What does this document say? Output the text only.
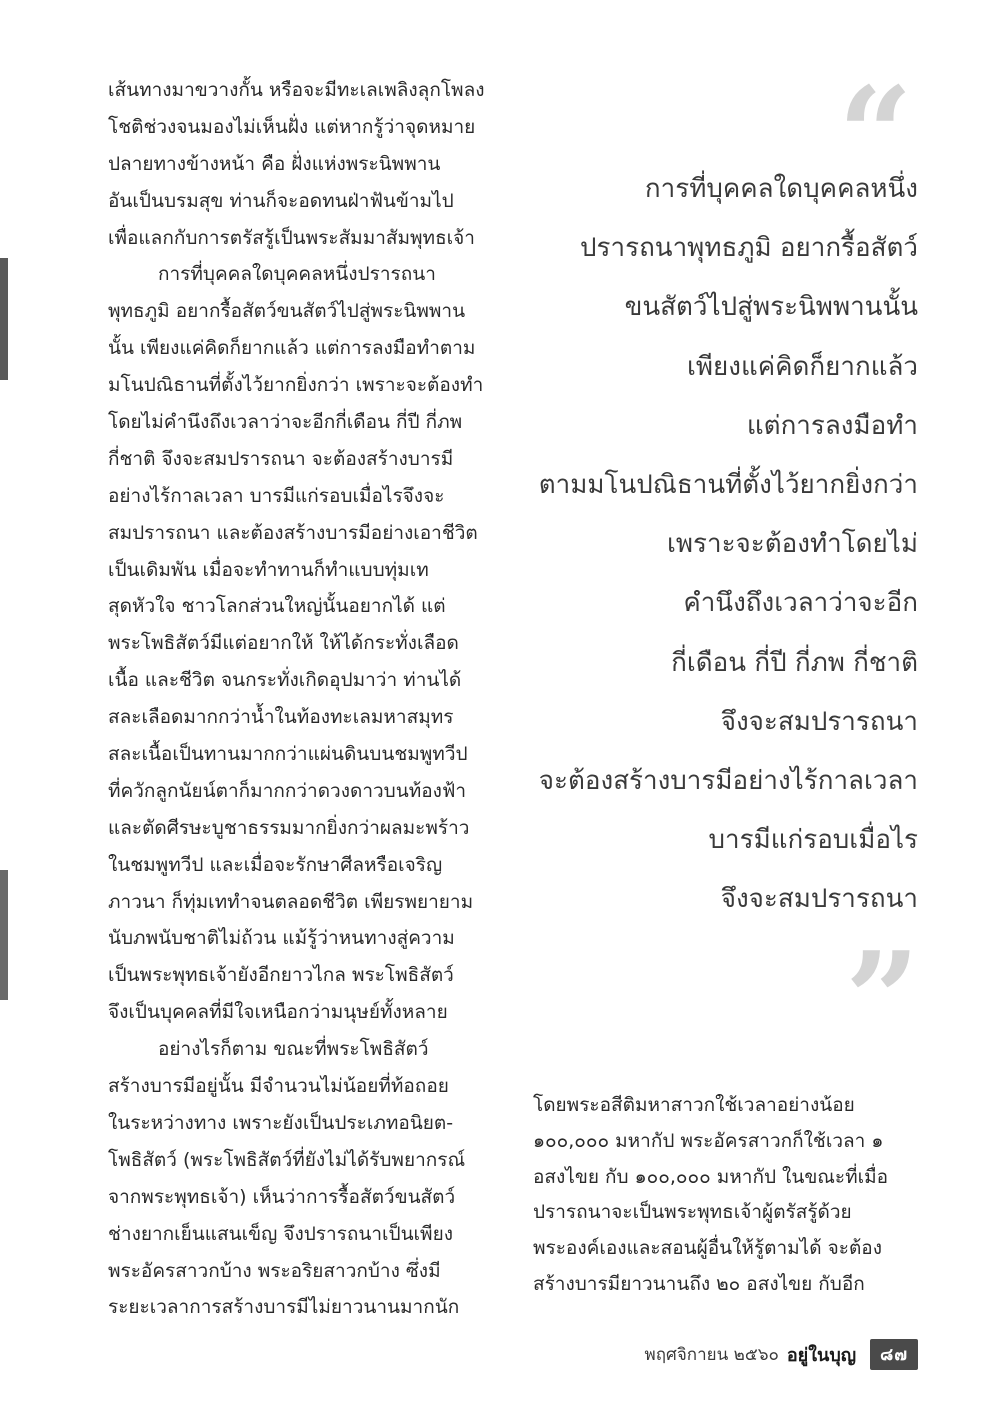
เส้นทางมาขวางกั้น หรือจะมีทะเลเพลิงลุกโพลง
โชติช่วงจนมองไม่เห็นฝั่ง แต่หากรู้ว่าจุดหมาย
ปลายทางข้างหน้า คือ ฝั่งแห่งพระนิพพาน
อันเป็นบรมสุข ท่านก็จะอดทนฝ่าฟันข้ามไป
เพื่อแลกกับการตรัสรู้เป็นพระสัมมาสัมพุทธเจ้า
การที่บุคคลใดบุคคลหนึ่งปรารถนา
พุทธภูมิ อยากรื้อสัตว์ขนสัตว์ไปสู่พระนิพพาน
นั้น เพียงแค่คิดก็ยากแล้ว แต่การลงมือทำตาม
มโนปณิธานที่ตั้งไว้ยากยิ่งกว่า เพราะจะต้องทำ
โดยไม่คำนึงถึงเวลาว่าจะอีกกี่เดือน กี่ปี กี่ภพ
กี่ชาติ จึงจะสมปรารถนา จะต้องสร้างบารมี
อย่างไร้กาลเวลา บารมีแก่รอบเมื่อไรจึงจะ
สมปรารถนา และต้องสร้างบารมีอย่างเอาชีวิต
เป็นเดิมพัน เมื่อจะทำทานก็ทำแบบทุ่มเท
สุดหัวใจ ชาวโลกส่วนใหญ่นั้นอยากได้ แต่
พระโพธิสัตว์มีแต่อยากให้ ให้ได้กระทั่งเลือด
เนื้อ และชีวิต จนกระทั่งเกิดอุปมาว่า ท่านได้
สละเลือดมากกว่าน้ำในท้องทะเลมหาสมุทร
สละเนื้อเป็นทานมากกว่าแผ่นดินบนชมพูทวีป
ที่ควักลูกนัยน์ตาก็มากกว่าดวงดาวบนท้องฟ้า
และตัดศีรษะบูชาธรรมมากยิ่งกว่าผลมะพร้าว
ในชมพูทวีป และเมื่อจะรักษาศีลหรือเจริญ
ภาวนา ก็ทุ่มเททำจนตลอดชีวิต เพียรพยายาม
นับภพนับชาติไม่ถ้วน แม้รู้ว่าหนทางสู่ความ
เป็นพระพุทธเจ้ายังอีกยาวไกล พระโพธิสัตว์
จึงเป็นบุคคลที่มีใจเหนือกว่ามนุษย์ทั้งหลาย
อย่างไรก็ตาม ขณะที่พระโพธิสัตว์
สร้างบารมีอยู่นั้น มีจำนวนไม่น้อยที่ท้อถอย
ในระหว่างทาง เพราะยังเป็นประเภทอนิยต-
โพธิสัตว์ (พระโพธิสัตว์ที่ยังไม่ได้รับพยากรณ์
จากพระพุทธเจ้า) เห็นว่าการรื้อสัตว์ขนสัตว์
ช่างยากเย็นแสนเข็ญ จึงปรารถนาเป็นเพียง
พระอัครสาวกบ้าง พระอริยสาวกบ้าง ซึ่งมี
ระยะเวลาการสร้างบารมีไม่ยาวนานมากนัก
“
การที่บุคคลใดบุคคลหนึ่ง
ปรารถนาพุทธภูมิ อยากรื้อสัตว์
ขนสัตว์ไปสู่พระนิพพานนั้น
เพียงแค่คิดก็ยากแล้ว
แต่การลงมือทำ
ตามมโนปณิธานที่ตั้งไว้ยากยิ่งกว่า
เพราะจะต้องทำโดยไม่
คำนึงถึงเวลาว่าจะอีก
กี่เดือน กี่ปี กี่ภพ กี่ชาติ
จึงจะสมปรารถนา
จะต้องสร้างบารมีอย่างไร้กาลเวลา
บารมีแก่รอบเมื่อไร
จึงจะสมปรารถนา
”
โดยพระอสีติมหาสาวกใช้เวลาอย่างน้อย
๑๐๐,๐๐๐ มหากัป พระอัครสาวกก็ใช้เวลา ๑
อสงไขย กับ ๑๐๐,๐๐๐ มหากัป ในขณะที่เมื่อ
ปรารถนาจะเป็นพระพุทธเจ้าผู้ตรัสรู้ด้วย
พระองค์เองและสอนผู้อื่นให้รู้ตามได้ จะต้อง
สร้างบารมียาวนานถึง ๒๐ อสงไขย กับอีก
พฤศจิกายน ๒๕๖๐ อยู่ในบุญ	๘๗
